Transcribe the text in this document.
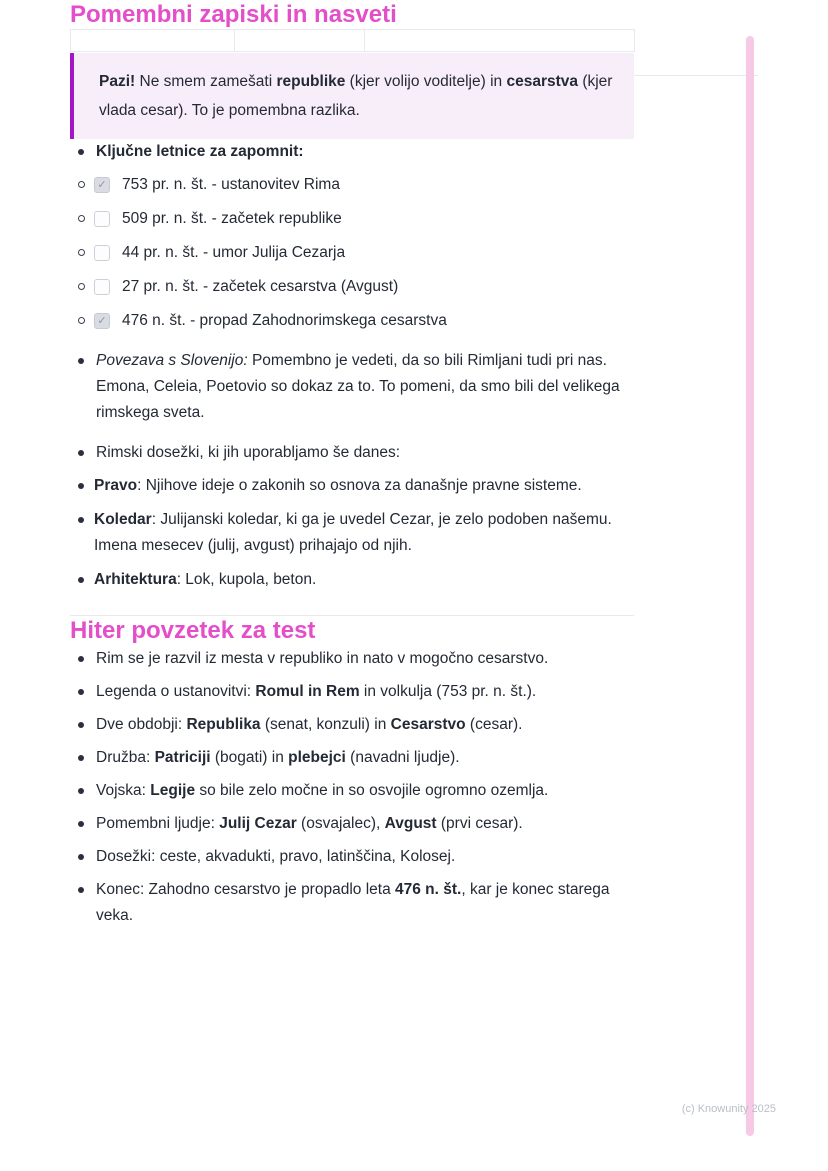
Pomembni zapiski in nasveti
Pazi! Ne smem zamešati republike (kjer volijo voditelje) in cesarstva (kjer vlada cesar). To je pomembna razlika.
Ključne letnice za zapomnit:
✓ 753 pr. n. št. - ustanovitev Rima
509 pr. n. št. - začetek republike
44 pr. n. št. - umor Julija Cezarja
27 pr. n. št. - začetek cesarstva (Avgust)
✓ 476 n. št. - propad Zahodnorimskega cesarstva
Povezava s Slovenijo: Pomembno je vedeti, da so bili Rimljani tudi pri nas. Emona, Celeia, Poetovio so dokaz za to. To pomeni, da smo bili del velikega rimskega sveta.
Rimski dosežki, ki jih uporabljamo še danes:
Pravo: Njihove ideje o zakonih so osnova za današnje pravne sisteme.
Koledar: Julijanski koledar, ki ga je uvedel Cezar, je zelo podoben našemu. Imena mesecev (julij, avgust) prihajajo od njih.
Arhitektura: Lok, kupola, beton.
Hiter povzetek za test
Rim se je razvil iz mesta v republiko in nato v mogočno cesarstvo.
Legenda o ustanovitvi: Romul in Rem in volkulja (753 pr. n. št.).
Dve obdobji: Republika (senat, konzuli) in Cesarstvo (cesar).
Družba: Patriciji (bogati) in plebejci (navadni ljudje).
Vojska: Legije so bile zelo močne in so osvojile ogromno ozemlja.
Pomembni ljudje: Julij Cezar (osvajalec), Avgust (prvi cesar).
Dosežki: ceste, akvadukti, pravo, latinščina, Kolosej.
Konec: Zahodno cesarstvo je propadlo leta 476 n. št., kar je konec starega veka.
(c) Knowunity 2025
